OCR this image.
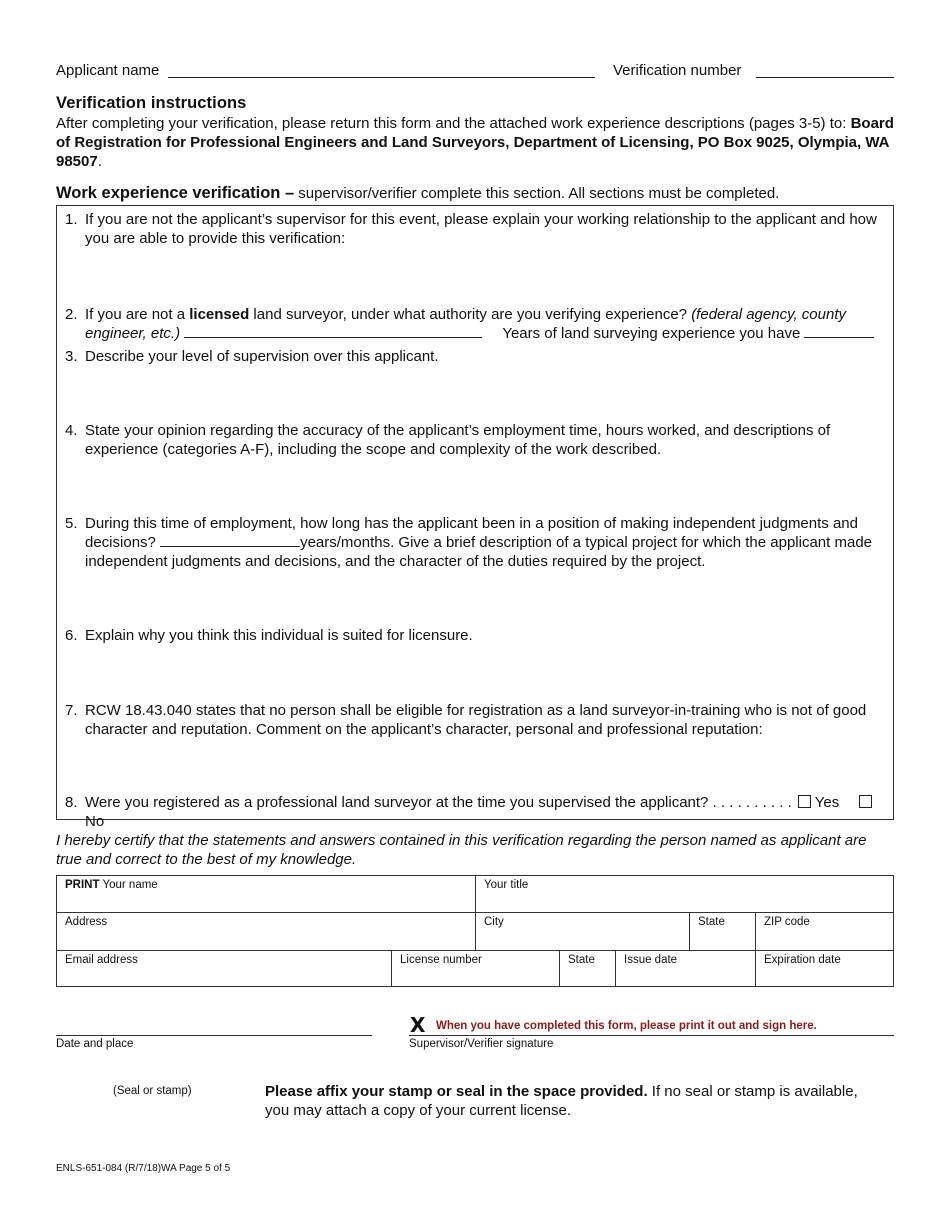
Applicant name	Verification number
Verification instructions
After completing your verification, please return this form and the attached work experience descriptions (pages 3-5) to: Board of Registration for Professional Engineers and Land Surveyors, Department of Licensing, PO Box 9025, Olympia, WA 98507.
Work experience verification – supervisor/verifier complete this section. All sections must be completed.
1. If you are not the applicant’s supervisor for this event, please explain your working relationship to the applicant and how you are able to provide this verification:
2. If you are not a licensed land surveyor, under what authority are you verifying experience? (federal agency, county engineer, etc.)	Years of land surveying experience you have
3. Describe your level of supervision over this applicant.
4. State your opinion regarding the accuracy of the applicant’s employment time, hours worked, and descriptions of experience (categories A-F), including the scope and complexity of the work described.
5. During this time of employment, how long has the applicant been in a position of making independent judgments and decisions?	years/months. Give a brief description of a typical project for which the applicant made independent judgments and decisions, and the character of the duties required by the project.
6. Explain why you think this individual is suited for licensure.
7. RCW 18.43.040 states that no person shall be eligible for registration as a land surveyor-in-training who is not of good character and reputation. Comment on the applicant’s character, personal and professional reputation:
8. Were you registered as a professional land surveyor at the time you supervised the applicant? . . . . . . . . . . YesNo
I hereby certify that the statements and answers contained in this verification regarding the person named as applicant are true and correct to the best of my knowledge.
PRINT Your name	Your title
Address	City	State	ZIP code
Email address	License number	State	Issue date	Expiration date
Date and place
X When you have completed this form, please print it out and sign here.
Supervisor/Verifier signature
(Seal or stamp)	Please affix your stamp or seal in the space provided. If no seal or stamp is available, you may attach a copy of your current license.
ENLS-651-084 (R/7/18)WA Page 5 of 5
